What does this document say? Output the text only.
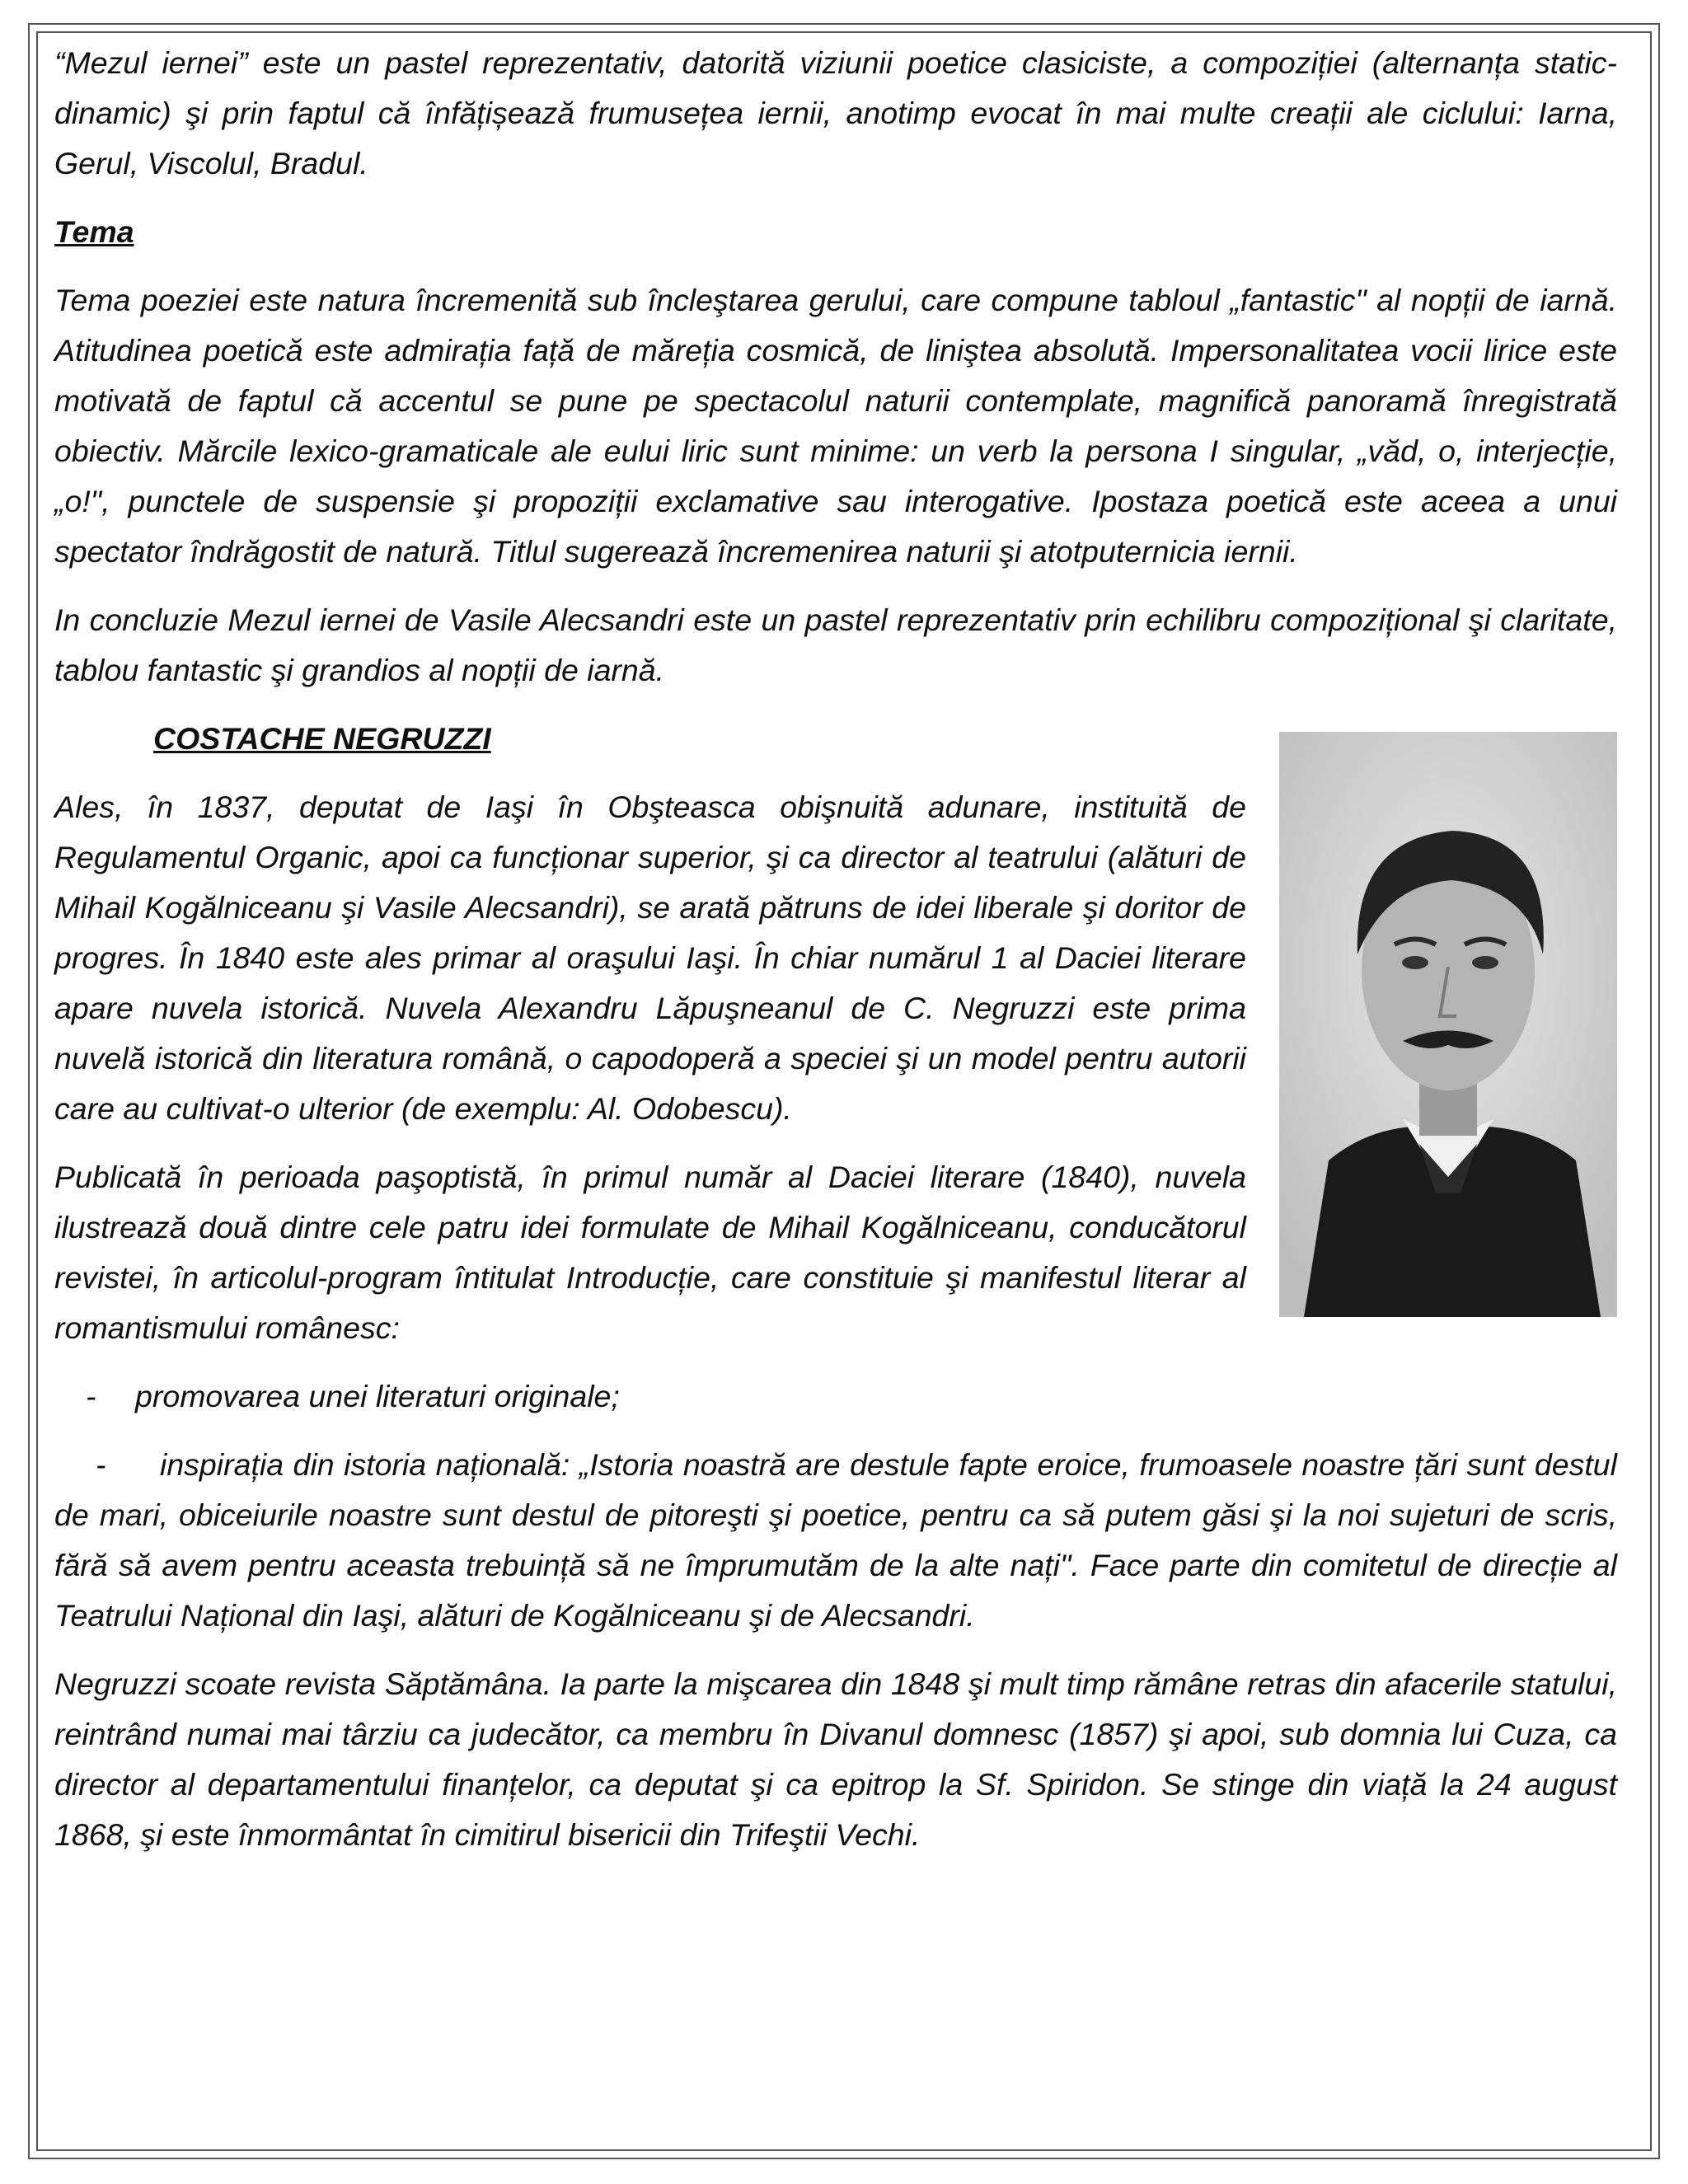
“Mezul iernei” este un pastel reprezentativ, datorită viziunii poetice clasiciste, a compoziției (alternanța static-dinamic) şi prin faptul că înfățișează frumusețea iernii, anotimp evocat în mai multe creații ale ciclului: Iarna, Gerul, Viscolul, Bradul.

Tema

Tema poeziei este natura încremenită sub încleştarea gerului, care compune tabloul „fantastic" al nopții de iarnă. Atitudinea poetică este admirația față de măreția cosmică, de liniştea absolută. Impersonalitatea vocii lirice este motivată de faptul că accentul se pune pe spectacolul naturii contemplate, magnifică panoramă înregistrată obiectiv. Mărcile lexico-gramaticale ale eului liric sunt minime: un verb la persona I singular, „văd, o, interjecție, „o!", punctele de suspensie şi propoziții exclamative sau interogative. Ipostaza poetică este aceea a unui spectator îndrăgostit de natură. Titlul sugerează încremenirea naturii şi atotputernicia iernii.

In concluzie Mezul iernei de Vasile Alecsandri este un pastel reprezentativ prin echilibru compozițional şi claritate, tablou fantastic şi grandios al nopții de iarnă.

COSTACHE NEGRUZZI

Ales, în 1837, deputat de Iaşi în Obşteasca obişnuită adunare, instituită de Regulamentul Organic, apoi ca funcționar superior, şi ca director al teatrului (alături de Mihail Kogălniceanu şi Vasile Alecsandri), se arată pătruns de idei liberale şi doritor de progres. În 1840 este ales primar al oraşului Iaşi. În chiar numărul 1 al Daciei literare apare nuvela istorică. Nuvela Alexandru Lăpuşneanul de C. Negruzzi este prima nuvelă istorică din literatura română, o capodoperă a speciei şi un model pentru autorii care au cultivat-o ulterior (de exemplu: Al. Odobescu).

Publicată în perioada paşoptistă, în primul număr al Daciei literare (1840), nuvela ilustrează două dintre cele patru idei formulate de Mihail Kogălniceanu, conducătorul revistei, în articolul-program întitulat Introducție, care constituie şi manifestul literar al romantismului românesc:

-	promovarea unei literaturi originale;
- inspirația din istoria națională: „Istoria noastră are destule fapte eroice, frumoasele noastre țări sunt destul de mari, obiceiurile noastre sunt destul de pitoreşti şi poetice, pentru ca să putem găsi şi la noi sujeturi de scris, fără să avem pentru aceasta trebuință să ne împrumutăm de la alte nați". Face parte din comitetul de direcție al Teatrului Național din Iaşi, alături de Kogălniceanu şi de Alecsandri.

Negruzzi scoate revista Săptămâna. Ia parte la mişcarea din 1848 şi mult timp rămâne retras din afacerile statului, reintrând numai mai târziu ca judecător, ca membru în Divanul domnesc (1857) şi apoi, sub domnia lui Cuza, ca director al departamentului finanțelor, ca deputat şi ca epitrop la Sf. Spiridon. Se stinge din viață la 24 august 1868, şi este înmormântat în cimitirul bisericii din Trifeştii Vechi.
